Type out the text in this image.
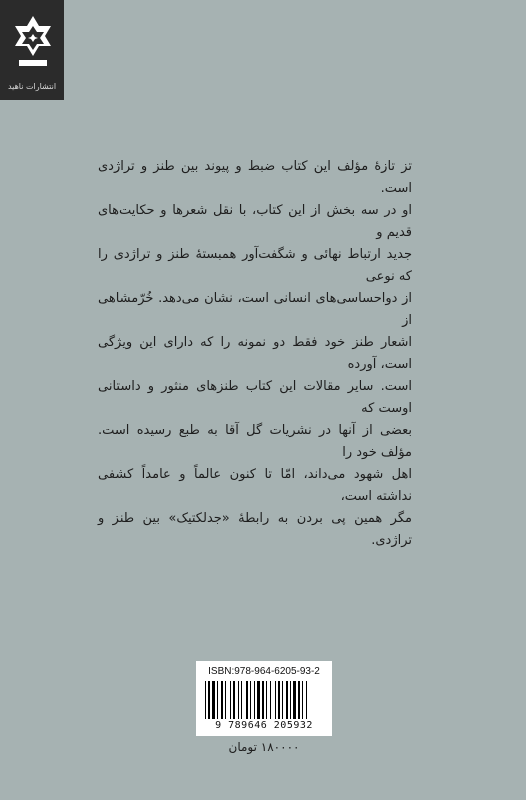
انتشارات ناهید

تز تازهٔ مؤلف این کتاب ضبط و پیوند بین طنز و تراژدی است.

او در سه بخش از این کتاب، با نقل شعرها و حکایت‌های قدیم و

جدید ارتباط نهائی و شگفت‌آور همبستهٔ طنز و تراژدی را که نوعی

از دواحساسی‌های انسانی است، نشان می‌دهد. خُرّمشاهی از

اشعار طنز خود فقط دو نمونه را که دارای این ویژگی است، آورده

است. سایر مقالات این کتاب طنزهای منثور و داستانی اوست که

بعضی از آنها در نشریات گل آقا به طبع رسیده است. مؤلف خود را

اهل شهود می‌داند، امّا تا کنون عالماً و عامداً کشفی نداشته است،

مگر همین پی بردن به رابطهٔ «جدلکتیک» بین طنز و تراژدی.

ISBN:978-964-6205-93-2
9 789646 205932
۱۸۰۰۰۰ تومان
